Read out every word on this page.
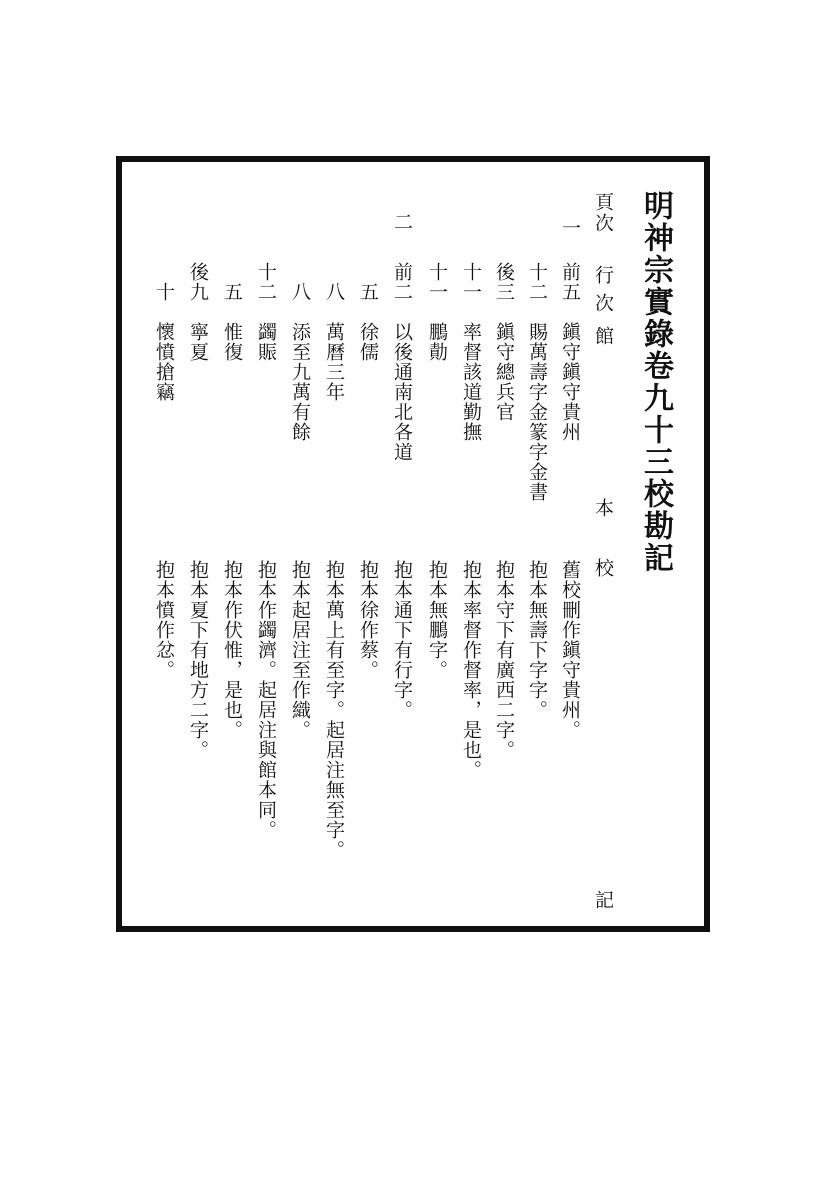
明神宗實錄卷九十三校勘記
頁次
行
次
館
本
校
記
一
前五
鎭守鎭守貴州
舊校刪作鎭守貴州。
十二
賜萬壽字金篆字金書
抱本無壽下字字。
後三
鎭守總兵官
抱本守下有廣西二字。
十一
率督該道勤撫
抱本率督作督率，是也。
十一
鵬勣
抱本無鵬字。
二
前二
以後通南北各道
抱本通下有行字。
五
徐儒
抱本徐作蔡。
八
萬曆三年
抱本萬上有至字。起居注無至字。
八
添至九萬有餘
抱本起居注至作織。
十二
蠲賑
抱本作蠲濟。起居注與館本同。
五
惟復
抱本作伏惟，是也。
後九
寧夏
抱本夏下有地方二字。
十
懷憤搶竊
抱本憤作忿。
